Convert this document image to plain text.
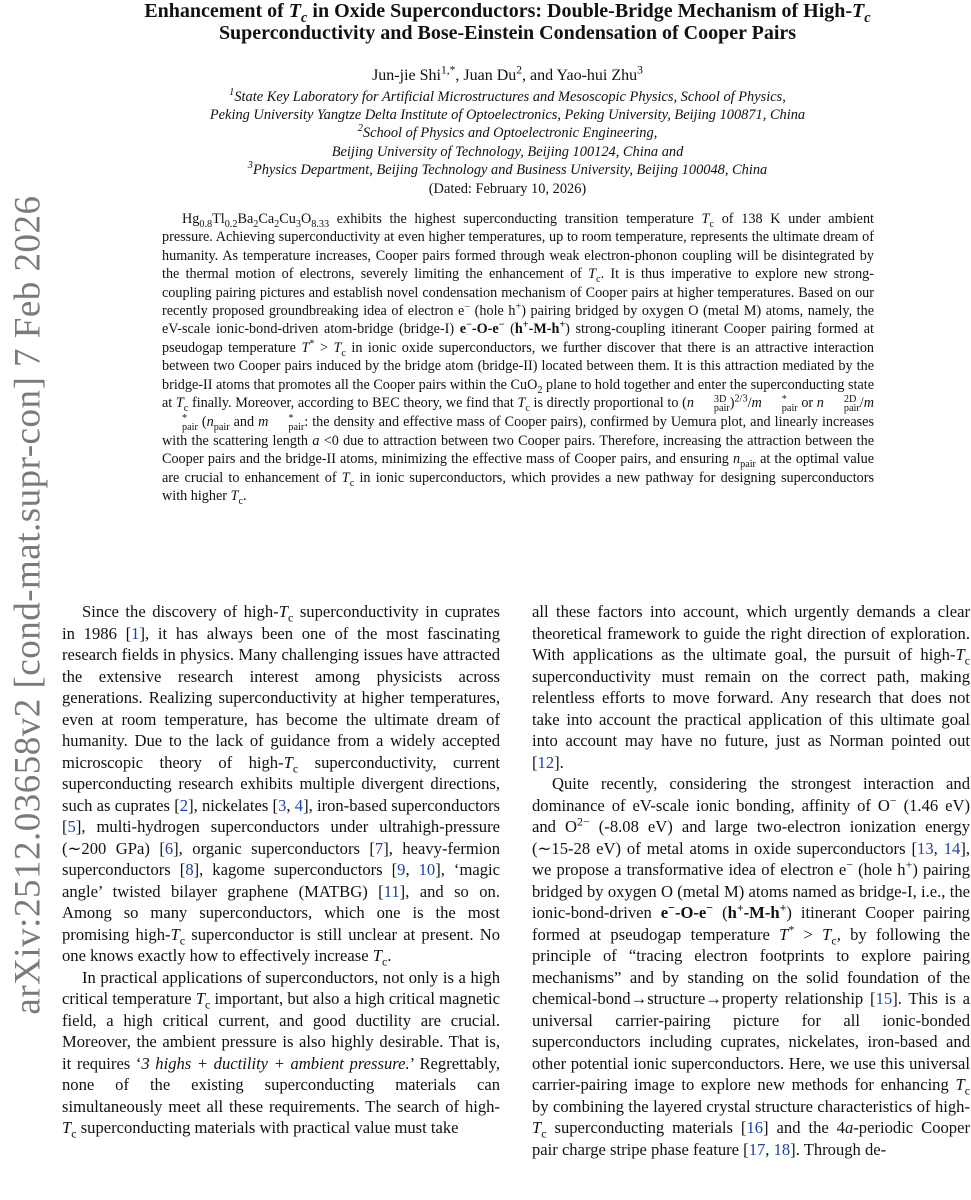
arXiv:2512.03658v2 [cond-mat.supr-con] 7 Feb 2026
Enhancement of $T_c$ in Oxide Superconductors: Double-Bridge Mechanism of High-$T_c$
Superconductivity and Bose-Einstein Condensation of Cooper Pairs
Jun-jie Shi$^{1,*}$, Juan Du$^2$, and Yao-hui Zhu$^3$
$^1$State Key Laboratory for Artificial Microstructures and Mesoscopic Physics, School of Physics,
Peking University Yangtze Delta Institute of Optoelectronics, Peking University, Beijing 100871, China
$^2$School of Physics and Optoelectronic Engineering,
Beijing University of Technology, Beijing 100124, China and
$^3$Physics Department, Beijing Technology and Business University, Beijing 100048, China
(Dated: February 10, 2026)

$Hg_{0.8}Tl_{0.2}Ba_2Ca_2Cu_3O_{8.33}$ exhibits the highest superconducting transition temperature $T_c$ of 138 K under ambient pressure. Achieving superconductivity at even higher temperatures, up to room temperature, represents the ultimate dream of humanity. As temperature increases, Cooper pairs formed through weak electron-phonon coupling will be disintegrated by the thermal motion of electrons, severely limiting the enhancement of $T_c$. It is thus imperative to explore new strong-coupling pairing pictures and establish novel condensation mechanism of Cooper pairs at higher temperatures. Based on our recently proposed groundbreaking idea of electron e− (hole h+) pairing bridged by oxygen O (metal M) atoms, namely, the eV-scale ionic-bond-driven atom-bridge (bridge-I) e−-O-e− (h+-M-h+) strong-coupling itinerant Cooper pairing formed at pseudogap temperature $T^* > T_c$ in ionic oxide superconductors, we further discover that there is an attractive interaction between two Cooper pairs induced by the bridge atom (bridge-II) located between them. It is this attraction mediated by the bridge-II atoms that promotes all the Cooper pairs within the CuO$_2$ plane to hold together and enter the superconducting state at $T_c$ finally. Moreover, according to BEC theory, we find that $T_c$ is directly proportional to (n	3D
pair )$^{2/3}$/m	*
pair or n	2D
pair /m
*
pair ($n_{pair}$ and m	*
pair : the density and effective mass of Cooper pairs), confirmed by Uemura plot, and linearly increases with the scattering length a <0 due to attraction between two Cooper pairs. Therefore, increasing the attraction between the Cooper pairs and the bridge-II atoms, minimizing the effective mass of Cooper pairs, and ensuring $n_{pair}$ at the optimal value are crucial to enhancement of $T_c$ in ionic superconductors, which provides a new pathway for designing superconductors with higher $T_c$.

Since the discovery of high-$T_c$ superconductivity in cuprates in 1986 [1], it has always been one of the most fascinating research fields in physics. Many challenging issues have attracted the extensive research interest among physicists across generations. Realizing superconductivity at higher temperatures, even at room temperature, has become the ultimate dream of humanity. Due to the lack of guidance from a widely accepted microscopic theory of high-$T_c$ superconductivity, current superconducting research exhibits multiple divergent directions, such as cuprates [2], nickelates [3, 4], iron-based superconductors [5], multi-hydrogen superconductors under ultrahigh-pressure (∼200 GPa) [6], organic superconductors [7], heavy-fermion superconductors [8], kagome superconductors [9, 10], ‘magic angle’ twisted bilayer graphene (MATBG) [11], and so on. Among so many superconductors, which one is the most promising high-$T_c$ superconductor is still unclear at present. No one knows exactly how to effectively increase $T_c$.

In practical applications of superconductors, not only is a high critical temperature $T_c$ important, but also a high critical magnetic field, a high critical current, and good ductility are crucial. Moreover, the ambient pressure is also highly desirable. That is, it requires ‘3 highs + ductility + ambient pressure.’ Regrettably, none of the existing superconducting materials can simultaneously meet all these requirements. The search of high-$T_c$ superconducting materials with practical value must take

all these factors into account, which urgently demands a clear theoretical framework to guide the right direction of exploration. With applications as the ultimate goal, the pursuit of high-$T_c$ superconductivity must remain on the correct path, making relentless efforts to move forward. Any research that does not take into account the practical application of this ultimate goal into account may have no future, just as Norman pointed out [12].

Quite recently, considering the strongest interaction and dominance of eV-scale ionic bonding, affinity of O− (1.46 eV) and $O^{2-}$ (-8.08 eV) and large two-electron ionization energy (∼15-28 eV) of metal atoms in oxide superconductors [13, 14], we propose a transformative idea of electron e− (hole h+) pairing bridged by oxygen O (metal M) atoms named as bridge-I, i.e., the ionic-bond-driven e−-O-e− (h+-M-h+) itinerant Cooper pairing formed at pseudogap temperature $T^* > T_c$, by following the principle of “tracing electron footprints to explore pairing mechanisms” and by standing on the solid foundation of the chemical-bond→structure→property relationship [15]. This is a universal carrier-pairing picture for all ionic-bonded superconductors including cuprates, nickelates, iron-based and other potential ionic superconductors. Here, we use this universal carrier-pairing image to explore new methods for enhancing $T_c$ by combining the layered crystal structure characteristics of high-$T_c$ superconducting materials [16] and the 4a-periodic Cooper pair charge stripe phase feature [17, 18]. Through de-
